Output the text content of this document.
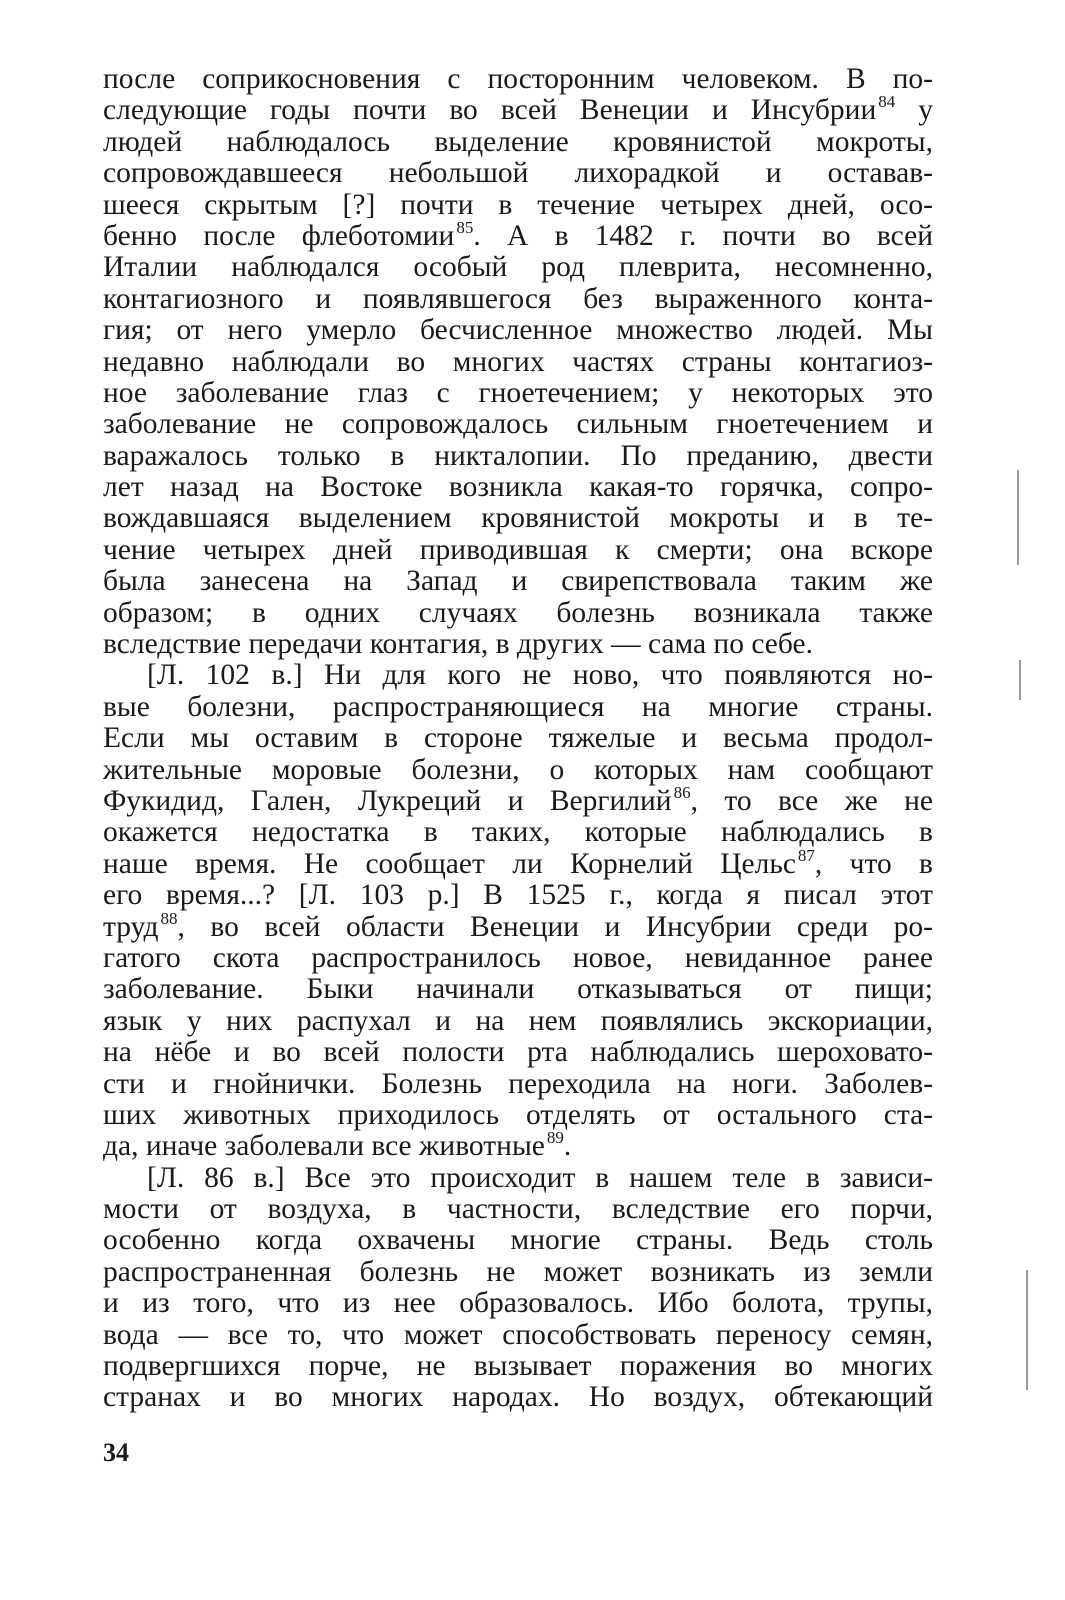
после соприкосновения с посторонним человеком. В по-
следующие годы почти во всей Венеции и Инсубрии $^{84}$ у
людей наблюдалось выделение кровянистой мокроты,
сопровождавшееся небольшой лихорадкой и оставав-
шееся скрытым [?] почти в течение четырех дней, осо-
бенно после флеботомии $^{85}$. А в 1482 г. почти во всей
Италии наблюдался особый род плеврита, несомненно,
контагиозного и появлявшегося без выраженного конта-
гия; от него умерло бесчисленное множество людей. Мы
недавно наблюдали во многих частях страны контагиоз-
ное заболевание глаз с гноетечением; у некоторых это
заболевание не сопровождалось сильным гноетечением и
варажалось только в никталопии. По преданию, двести
лет назад на Востоке возникла какая-то горячка, сопро-
вождавшаяся выделением кровянистой мокроты и в те-
чение четырех дней приводившая к смерти; она вскоре
была занесена на Запад и свирепствовала таким же
образом; в одних случаях болезнь возникала также
вследствие передачи контагия, в других — сама по себе.
[Л. 102 в.] Ни для кого не ново, что появляются но-
вые болезни, распространяющиеся на многие страны.
Если мы оставим в стороне тяжелые и весьма продол-
жительные моровые болезни, о которых нам сообщают
Фукидид, Гален, Лукреций и Вергилий $^{86}$, то все же не
окажется недостатка в таких, которые наблюдались в
наше время. Не сообщает ли Корнелий Цельс $^{87}$, что в
его время...? [Л. 103 р.] В 1525 г., когда я писал этот
труд $^{88}$, во всей области Венеции и Инсубрии среди ро-
гатого скота распространилось новое, невиданное ранее
заболевание. Быки начинали отказываться от пищи;
язык у них распухал и на нем появлялись экскориации,
на нёбе и во всей полости рта наблюдались шероховато-
сти и гнойнички. Болезнь переходила на ноги. Заболев-
ших животных приходилось отделять от остального ста-
да, иначе заболевали все животные $^{89}$.
[Л. 86 в.] Все это происходит в нашем теле в зависи-
мости от воздуха, в частности, вследствие его порчи,
особенно когда охвачены многие страны. Ведь столь
распространенная болезнь не может возникать из земли
и из того, что из нее образовалось. Ибо болота, трупы,
вода — все то, что может способствовать переносу семян,
подвергшихся порче, не вызывает поражения во многих
странах и во многих народах. Но воздух, обтекающий
34
